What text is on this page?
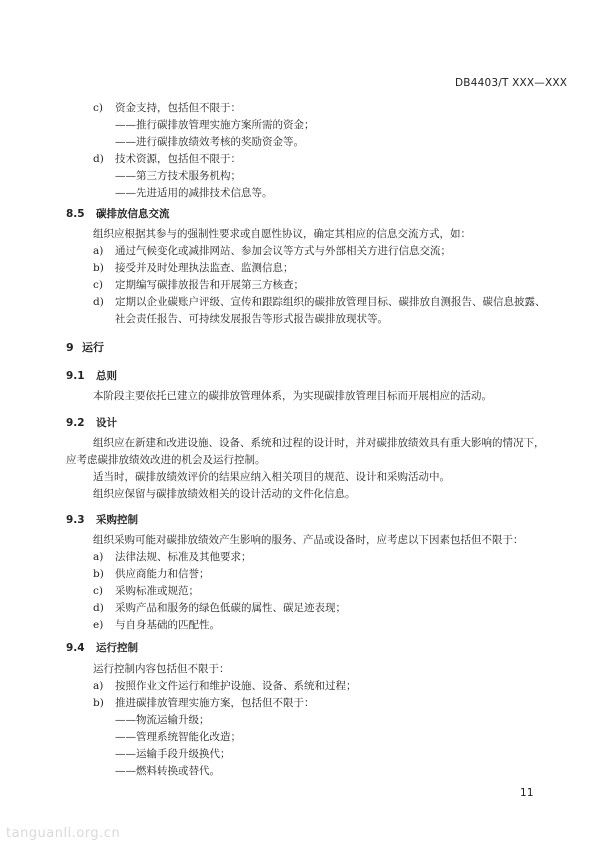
DB4403/T XXX—XXX
c) 资金支持，包括但不限于：
——推行碳排放管理实施方案所需的资金；
——进行碳排放绩效考核的奖励资金等。
d) 技术资源，包括但不限于：
——第三方技术服务机构；
——先进适用的减排技术信息等。
8.5 碳排放信息交流
组织应根据其参与的强制性要求或自愿性协议，确定其相应的信息交流方式，如：
a) 通过气候变化或减排网站、参加会议等方式与外部相关方进行信息交流；
b) 接受并及时处理执法监查、监测信息；
c) 定期编写碳排放报告和开展第三方核查；
d) 定期以企业碳账户评级、宣传和跟踪组织的碳排放管理目标、碳排放自测报告、碳信息披露、
社会责任报告、可持续发展报告等形式报告碳排放现状等。
9 运行
9.1 总则
本阶段主要依托已建立的碳排放管理体系，为实现碳排放管理目标而开展相应的活动。
9.2 设计
组织应在新建和改进设施、设备、系统和过程的设计时，并对碳排放绩效具有重大影响的情况下，
应考虑碳排放绩效改进的机会及运行控制。
适当时，碳排放绩效评价的结果应纳入相关项目的规范、设计和采购活动中。
组织应保留与碳排放绩效相关的设计活动的文件化信息。
9.3 采购控制
组织采购可能对碳排放绩效产生影响的服务、产品或设备时，应考虑以下因素包括但不限于：
a) 法律法规、标准及其他要求；
b) 供应商能力和信誉；
c) 采购标准或规范；
d) 采购产品和服务的绿色低碳的属性、碳足迹表现；
e) 与自身基础的匹配性。
9.4 运行控制
运行控制内容包括但不限于：
a) 按照作业文件运行和维护设施、设备、系统和过程；
b) 推进碳排放管理实施方案，包括但不限于：
——物流运输升级；
——管理系统智能化改造；
——运输手段升级换代；
——燃料转换或替代。
11
tanguanli.org.cn
